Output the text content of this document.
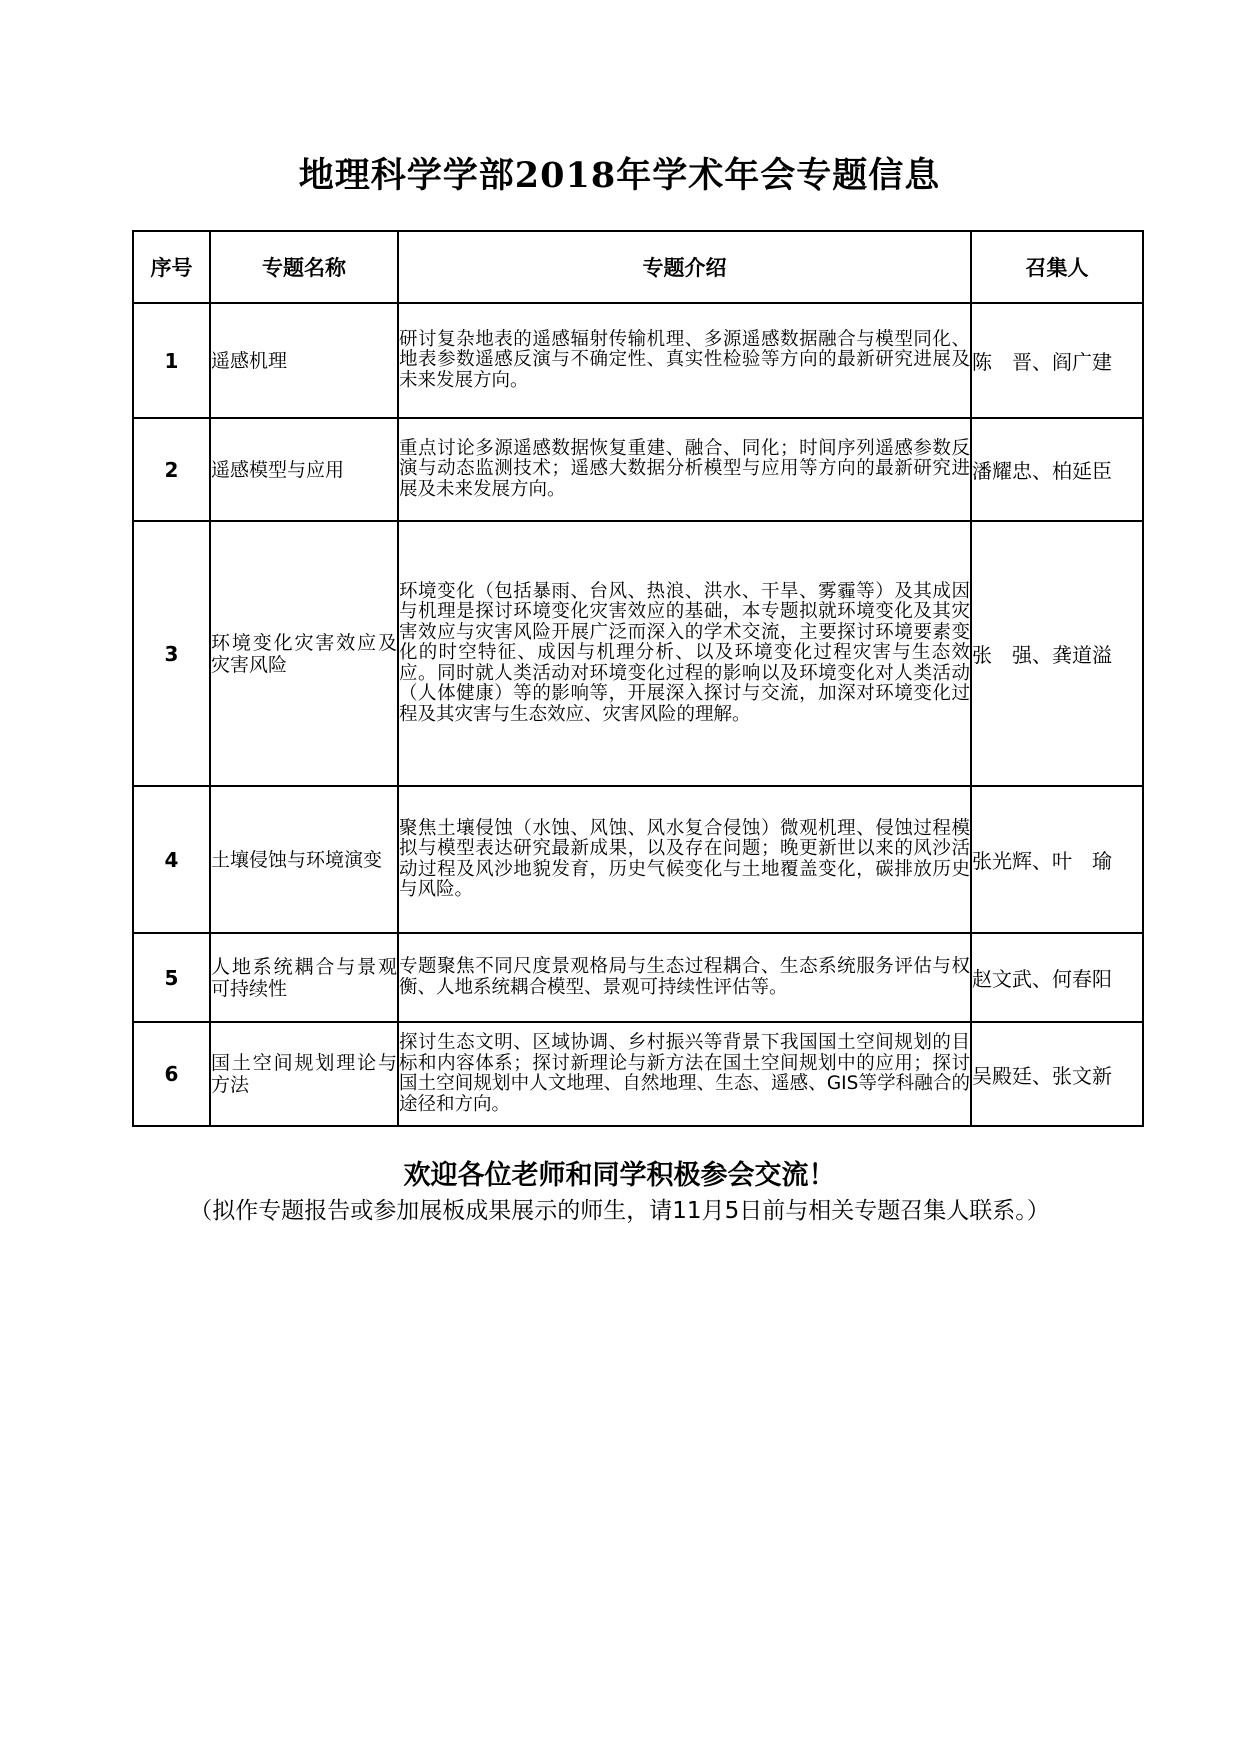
地理科学学部2018年学术年会专题信息
序号	专题名称	专题介绍	召集人
1	遥感机理	研讨复杂地表的遥感辐射传输机理、多源遥感数据融合与模型同化、地表参数遥感反演与不确定性、真实性检验等方向的最新研究进展及未来发展方向。	陈　晋、阎广建
2	遥感模型与应用	重点讨论多源遥感数据恢复重建、融合、同化；时间序列遥感参数反演与动态监测技术；遥感大数据分析模型与应用等方向的最新研究进展及未来发展方向。	潘耀忠、柏延臣
3	环境变化灾害效应及灾害风险	环境变化（包括暴雨、台风、热浪、洪水、干旱、雾霾等）及其成因与机理是探讨环境变化灾害效应的基础，本专题拟就环境变化及其灾害效应与灾害风险开展广泛而深入的学术交流，主要探讨环境要素变化的时空特征、成因与机理分析、以及环境变化过程灾害与生态效应。同时就人类活动对环境变化过程的影响以及环境变化对人类活动（人体健康）等的影响等，开展深入探讨与交流，加深对环境变化过程及其灾害与生态效应、灾害风险的理解。	张　强、龚道溢
4	土壤侵蚀与环境演变	聚焦土壤侵蚀（水蚀、风蚀、风水复合侵蚀）微观机理、侵蚀过程模拟与模型表达研究最新成果，以及存在问题；晚更新世以来的风沙活动过程及风沙地貌发育，历史气候变化与土地覆盖变化，碳排放历史与风险。	张光辉、叶　瑜
5	人地系统耦合与景观可持续性	专题聚焦不同尺度景观格局与生态过程耦合、生态系统服务评估与权衡、人地系统耦合模型、景观可持续性评估等。	赵文武、何春阳
6	国土空间规划理论与方法	探讨生态文明、区域协调、乡村振兴等背景下我国国土空间规划的目标和内容体系；探讨新理论与新方法在国土空间规划中的应用；探讨国土空间规划中人文地理、自然地理、生态、遥感、GIS等学科融合的途径和方向。	吴殿廷、张文新
欢迎各位老师和同学积极参会交流！
（拟作专题报告或参加展板成果展示的师生，请11月5日前与相关专题召集人联系。）
